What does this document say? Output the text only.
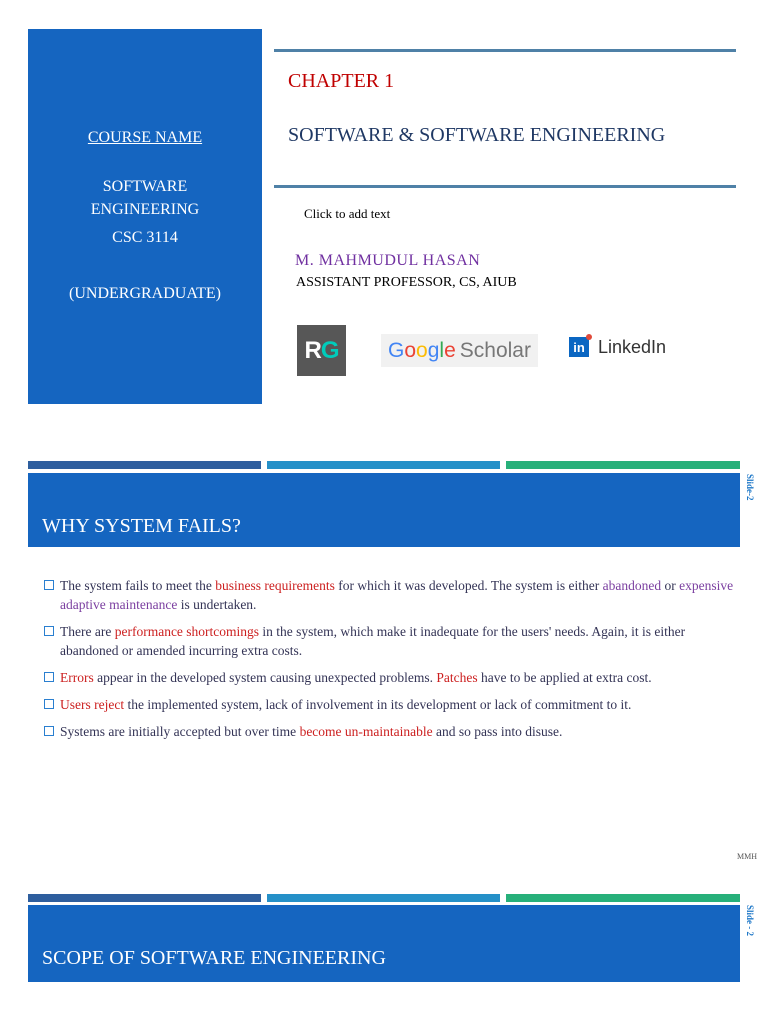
COURSE NAME
SOFTWARE
ENGINEERING
CSC 3114
(UNDERGRADUATE)
CHAPTER 1
SOFTWARE & SOFTWARE ENGINEERING
Click to add text
M. MAHMUDUL HASAN
ASSISTANT PROFESSOR, CS, AIUB
R G Google Scholar	in LinkedIn
WHY SYSTEM FAILS?
Slide-2
The system fails to meet the business requirements for which it was developed. The system is either abandoned or expensive adaptive maintenance is undertaken.
There are performance shortcomings in the system, which make it inadequate for the users' needs. Again, it is either abandoned or amended incurring extra costs.
Errors appear in the developed system causing unexpected problems. Patches have to be applied at extra cost.
Users reject the implemented system, lack of involvement in its development or lack of commitment to it.
Systems are initially accepted but over time become un-maintainable and so pass into disuse.
MMH
SCOPE OF SOFTWARE ENGINEERING
Slide - 2
